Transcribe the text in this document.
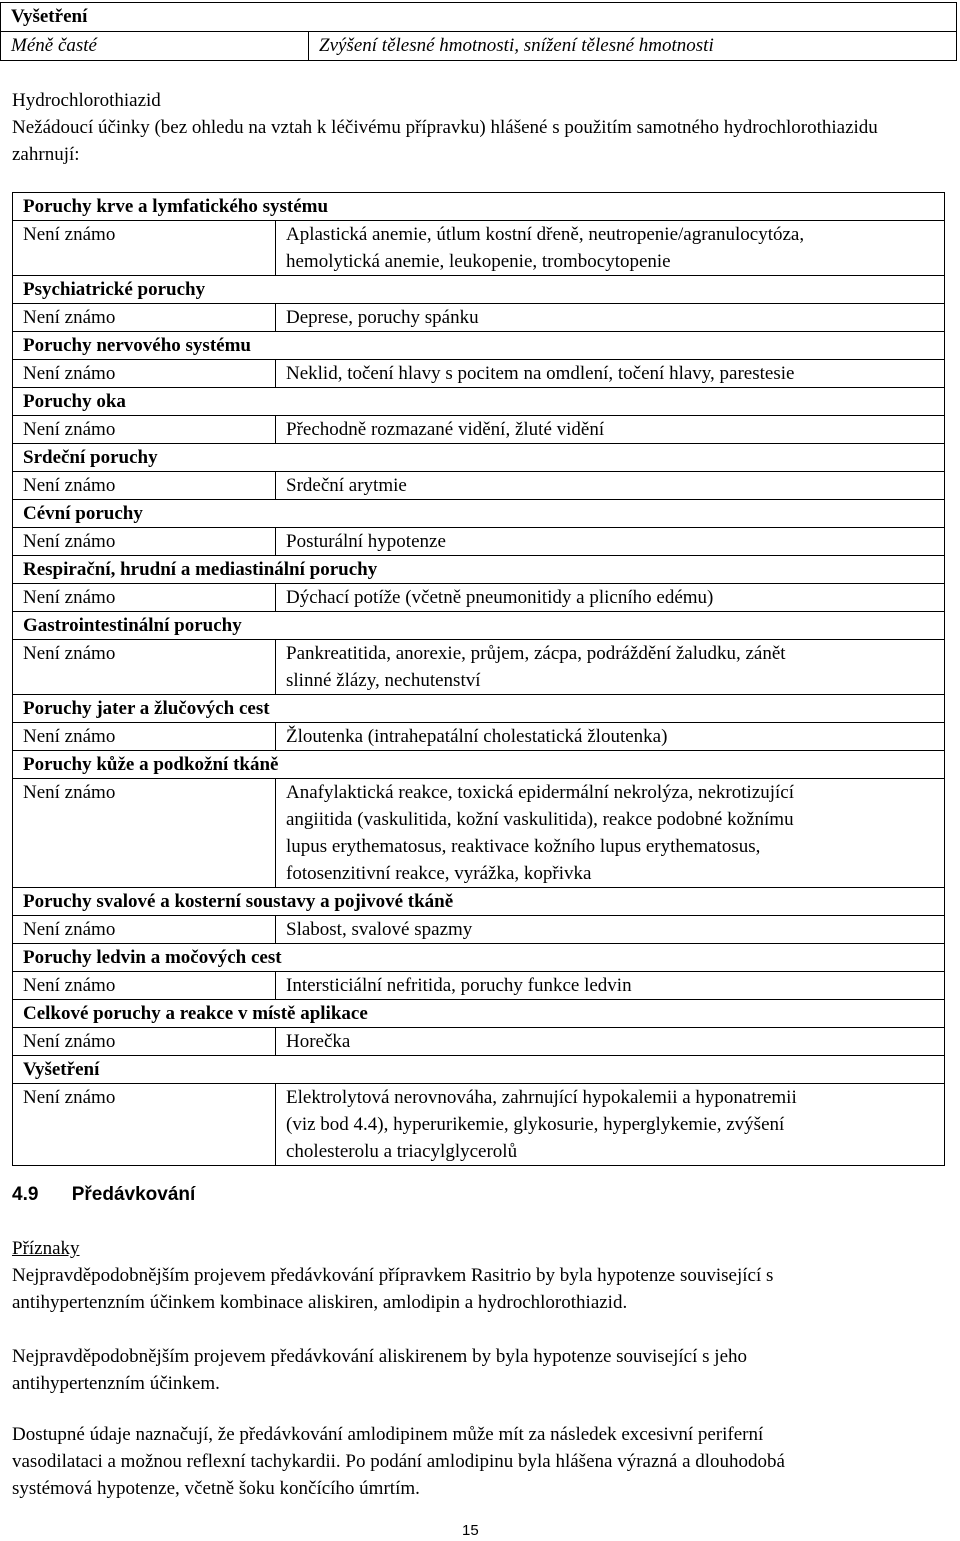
Vyšetření
Méně časté	Zvýšení tělesné hmotnosti, snížení tělesné hmotnosti
Hydrochlorothiazid
Nežádoucí účinky (bez ohledu na vztah k léčivému přípravku) hlášené s použitím samotného hydrochlorothiazidu zahrnují:
Poruchy krve a lymfatického systému	
Není známo	Aplastická anemie, útlum kostní dřeně, neutropenie/agranulocytóza,
hemolytická anemie, leukopenie, trombocytopenie

Psychiatrické poruchy	
Není známo	Deprese, poruchy spánku

Poruchy nervového systému	
Není známo	Neklid, točení hlavy s pocitem na omdlení, točení hlavy, parestesie

Poruchy oka	
Není známo	Přechodně rozmazané vidění, žluté vidění

Srdeční poruchy	
Není známo	Srdeční arytmie

Cévní poruchy	
Není známo	Posturální hypotenze

Respirační, hrudní a mediastinální poruchy	
Není známo	Dýchací potíže (včetně pneumonitidy a plicního edému)

Gastrointestinální poruchy	
Není známo	Pankreatitida, anorexie, průjem, zácpa, podráždění žaludku, zánět
slinné žlázy, nechutenství

Poruchy jater a žlučových cest	
Není známo	Žloutenka (intrahepatální cholestatická žloutenka)

Poruchy kůže a podkožní tkáně	
Není známo	Anafylaktická reakce, toxická epidermální nekrolýza, nekrotizující
angiitida (vaskulitida, kožní vaskulitida), reakce podobné kožnímu
lupus erythematosus, reaktivace kožního lupus erythematosus,
fotosenzitivní reakce, vyrážka, kopřivka

Poruchy svalové a kosterní soustavy a pojivové tkáně	
Není známo	Slabost, svalové spazmy

Poruchy ledvin a močových cest	
Není známo	Intersticiální nefritida, poruchy funkce ledvin

Celkové poruchy a reakce v místě aplikace	
Není známo	Horečka

Vyšetření	
Není známo	Elektrolytová nerovnováha, zahrnující hypokalemii a hyponatremii
(viz bod 4.4), hyperurikemie, glykosurie, hyperglykemie, zvýšení
cholesterolu a triacylglycerolů
4.9 Předávkování
Příznaky

Nejpravděpodobnějším projevem předávkování přípravkem Rasitrio by byla hypotenze související s

antihypertenzním účinkem kombinace aliskiren, amlodipin a hydrochlorothiazid.

Nejpravděpodobnějším projevem předávkování aliskirenem by byla hypotenze související s jeho

antihypertenzním účinkem.

Dostupné údaje naznačují, že předávkování amlodipinem může mít za následek excesivní periferní

vasodilataci a možnou reflexní tachykardii. Po podání amlodipinu byla hlášena výrazná a dlouhodobá

systémová hypotenze, včetně šoku končícího úmrtím.

15
